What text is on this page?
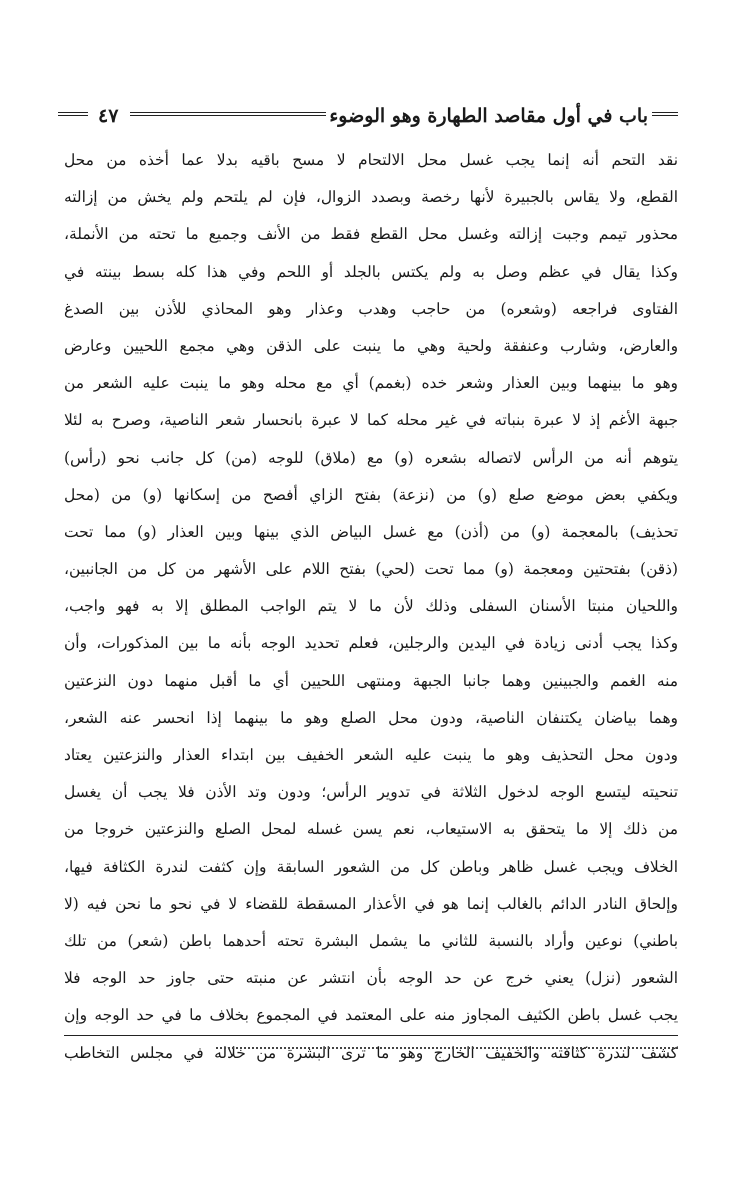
باب في أول مقاصد الطهارة وهو الوضوء
٤٧
نقد التحم أنه إنما يجب غسل محل الالتحام لا مسح باقيه بدلا عما أخذه من محل
القطع، ولا يقاس بالجبيرة لأنها رخصة وبصدد الزوال، فإن لم يلتحم ولم يخش من إزالته
محذور تيمم وجبت إزالته وغسل محل القطع فقط من الأنف وجميع ما تحته من الأنملة،
وكذا يقال في عظم وصل به ولم يكتس بالجلد أو اللحم وفي هذا كله بسط بينته في
الفتاوى فراجعه (وشعره) من حاجب وهدب وعذار وهو المحاذي للأذن بين الصدغ
والعارض، وشارب وعنفقة ولحية وهي ما ينبت على الذقن وهي مجمع اللحيين وعارض
وهو ما بينهما وبين العذار وشعر خده (بغمم) أي مع محله وهو ما ينبت عليه الشعر من
جبهة الأغم إذ لا عبرة بنباته في غير محله كما لا عبرة بانحسار شعر الناصية، وصرح به لئلا
يتوهم أنه من الرأس لاتصاله بشعره (و) مع (ملاق) للوجه (من) كل جانب نحو (رأس)
ويكفي بعض موضع صلع (و) من (نزعة) بفتح الزاي أفصح من إسكانها (و) من (محل
تحذيف) بالمعجمة (و) من (أذن) مع غسل البياض الذي بينها وبين العذار (و) مما تحت
(ذقن) بفتحتين ومعجمة (و) مما تحت (لحي) بفتح اللام على الأشهر من كل من الجانبين،
واللحيان منبتا الأسنان السفلى وذلك لأن ما لا يتم الواجب المطلق إلا به فهو واجب،
وكذا يجب أدنى زيادة في اليدين والرجلين، فعلم تحديد الوجه بأنه ما بين المذكورات، وأن
منه الغمم والجبينين وهما جانبا الجبهة ومنتهى اللحيين أي ما أقبل منهما دون النزعتين
وهما بياضان يكتنفان الناصية، ودون محل الصلع وهو ما بينهما إذا انحسر عنه الشعر،
ودون محل التحذيف وهو ما ينبت عليه الشعر الخفيف بين ابتداء العذار والنزعتين يعتاد
تنحيته ليتسع الوجه لدخول الثلاثة في تدوير الرأس؛ ودون وتد الأذن فلا يجب أن يغسل
من ذلك إلا ما يتحقق به الاستيعاب، نعم يسن غسله لمحل الصلع والنزعتين خروجا من
الخلاف ويجب غسل ظاهر وباطن كل من الشعور السابقة وإن كثفت لندرة الكثافة فيها،
وإلحاق النادر الدائم بالغالب إنما هو في الأعذار المسقطة للقضاء لا في نحو ما نحن فيه (لا
باطني) نوعين وأراد بالنسبة للثاني ما يشمل البشرة تحته أحدهما باطن (شعر) من تلك
الشعور (نزل) يعني خرج عن حد الوجه بأن انتشر عن منبته حتى جاوز حد الوجه فلا
يجب غسل باطن الكثيف المجاوز منه على المعتمد في المجموع بخلاف ما في حد الوجه وإن
كشف لندرة كثافته والخفيف الخارج وهو ما ترى البشرة من خلاله في مجلس التخاطب
